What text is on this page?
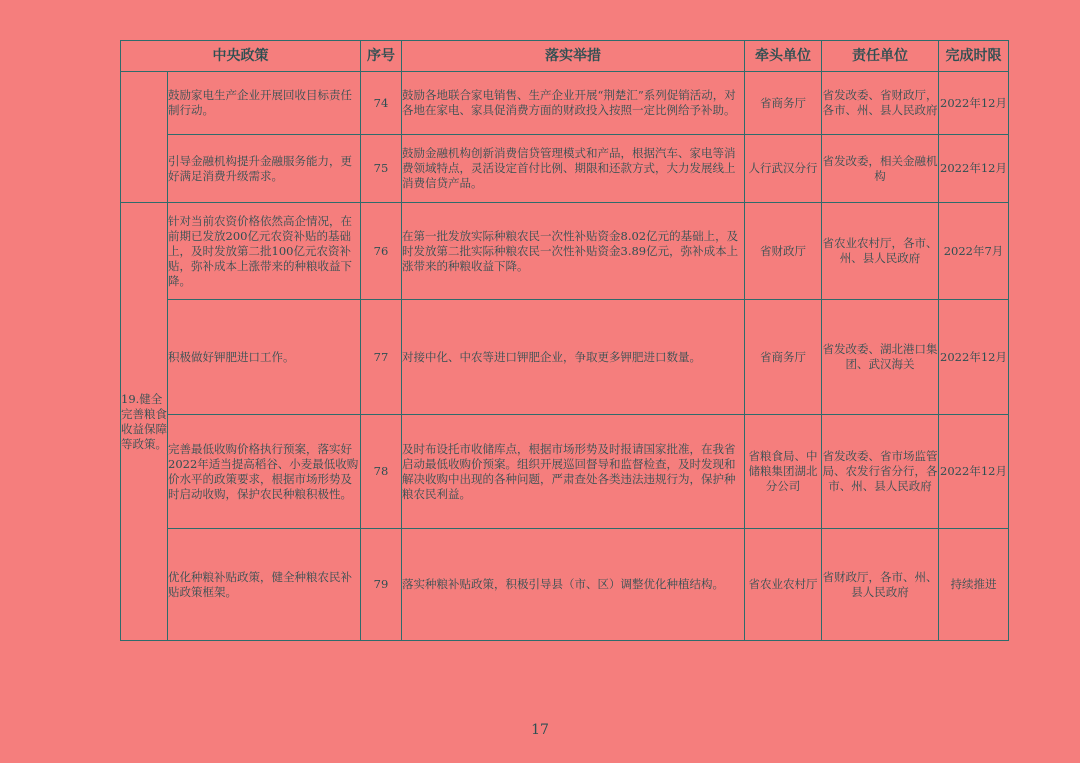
中央政策		序号	落实举措	牵头单位	责任单位	完成时限
	鼓励家电生产企业开展回收目标责任制行动。	74	鼓励各地联合家电销售、生产企业开展“荆楚汇”系列促销活动，对各地在家电、家具促消费方面的财政投入按照一定比例给予补助。	省商务厅	省发改委、省财政厅，各市、州、县人民政府	2022年12月
	引导金融机构提升金融服务能力，更好满足消费升级需求。	75	鼓励金融机构创新消费信贷管理模式和产品，根据汽车、家电等消费领域特点，灵活设定首付比例、期限和还款方式，大力发展线上消费信贷产品。	人行武汉分行	省发改委，相关金融机构	2022年12月
19.健全完善粮食收益保障等政策。	针对当前农资价格依然高企情况，在前期已发放200亿元农资补贴的基础上，及时发放第二批100亿元农资补贴，弥补成本上涨带来的种粮收益下降。	76	在第一批发放实际种粮农民一次性补贴资金8.02亿元的基础上，及时发放第二批实际种粮农民一次性补贴资金3.89亿元，弥补成本上涨带来的种粮收益下降。	省财政厅	省农业农村厅，各市、州、县人民政府	2022年7月
	积极做好钾肥进口工作。	77	对接中化、中农等进口钾肥企业，争取更多钾肥进口数量。	省商务厅	省发改委、湖北港口集团、武汉海关	2022年12月
	完善最低收购价格执行预案，落实好2022年适当提高稻谷、小麦最低收购价水平的政策要求，根据市场形势及时启动收购，保护农民种粮积极性。	78	及时布设托市收储库点，根据市场形势及时报请国家批准，在我省启动最低收购价预案。组织开展巡回督导和监督检查，及时发现和解决收购中出现的各种问题，严肃查处各类违法违规行为，保护种粮农民利益。	省粮食局、中储粮集团湖北分公司	省发改委、省市场监管局、农发行省分行，各市、州、县人民政府	2022年12月
	优化种粮补贴政策，健全种粮农民补贴政策框架。	79	落实种粮补贴政策，积极引导县（市、区）调整优化种植结构。	省农业农村厅	省财政厅，各市、州、县人民政府	持续推进
17
